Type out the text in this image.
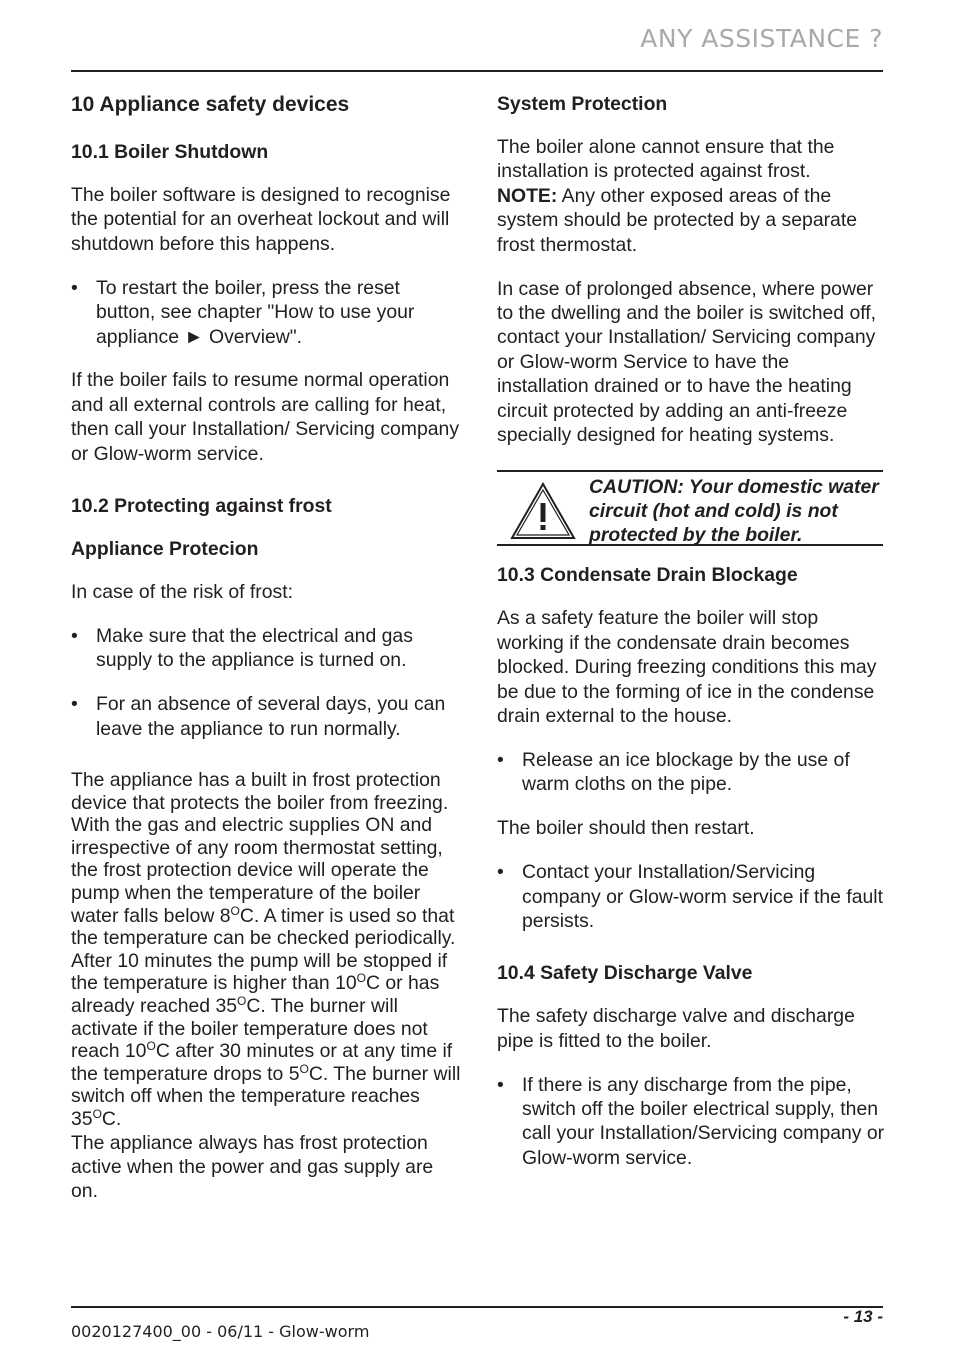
ANY ASSISTANCE ?
10 Appliance safety devices
10.1 Boiler Shutdown

The boiler software is designed to recognise the potential for an overheat lockout and will shutdown before this happens.

• To restart the boiler, press the reset button, see chapter "How to use your appliance ► Overview".

If the boiler fails to resume normal operation and all external controls are calling for heat, then call your Installation/ Servicing company or Glow-worm service.

10.2 Protecting against frost
Appliance Protecion

In case of the risk of frost:

• Make sure that the electrical and gas supply to the appliance is turned on.
• For an absence of several days, you can leave the appliance to run normally.

The appliance has a built in frost protection device that protects the boiler from freezing. With the gas and electric supplies ON and irrespective of any room thermostat setting, the frost protection device will operate the pump when the temperature of the boiler water falls below $8^OC$. A timer is used so that the temperature can be checked periodically. After 10 minutes the pump will be stopped if the temperature is higher than $10^OC$ or has already reached $35^OC$. The burner will activate if the boiler temperature does not reach $10^OC$ after 30 minutes or at any time if the temperature drops to $5^OC$. The burner will switch off when the temperature reaches $35^OC$.

The appliance always has frost protection active when the power and gas supply are on.

System Protection

The boiler alone cannot ensure that the installation is protected against frost.
NOTE: Any other exposed areas of the system should be protected by a separate frost thermostat.

In case of prolonged absence, where power to the dwelling and the boiler is switched off, contact your Installation/ Servicing company or Glow-worm Service to have the installation drained or to have the heating circuit protected by adding an anti-freeze specially designed for heating systems.

CAUTION: Your domestic water circuit (hot and cold) is not protected by the boiler.
10.3 Condensate Drain Blockage

As a safety feature the boiler will stop working if the condensate drain becomes blocked. During freezing conditions this may be due to the forming of ice in the condense drain external to the house.

• Release an ice blockage by the use of warm cloths on the pipe.

The boiler should then restart.

• Contact your Installation/Servicing company or Glow-worm service if the fault persists.
10.4 Safety Discharge Valve

The safety discharge valve and discharge pipe is fitted to the boiler.

• If there is any discharge from the pipe, switch off the boiler electrical supply, then call your Installation/Servicing company or Glow-worm service.
0020127400_00 - 06/11 - Glow-worm
- 13 -
